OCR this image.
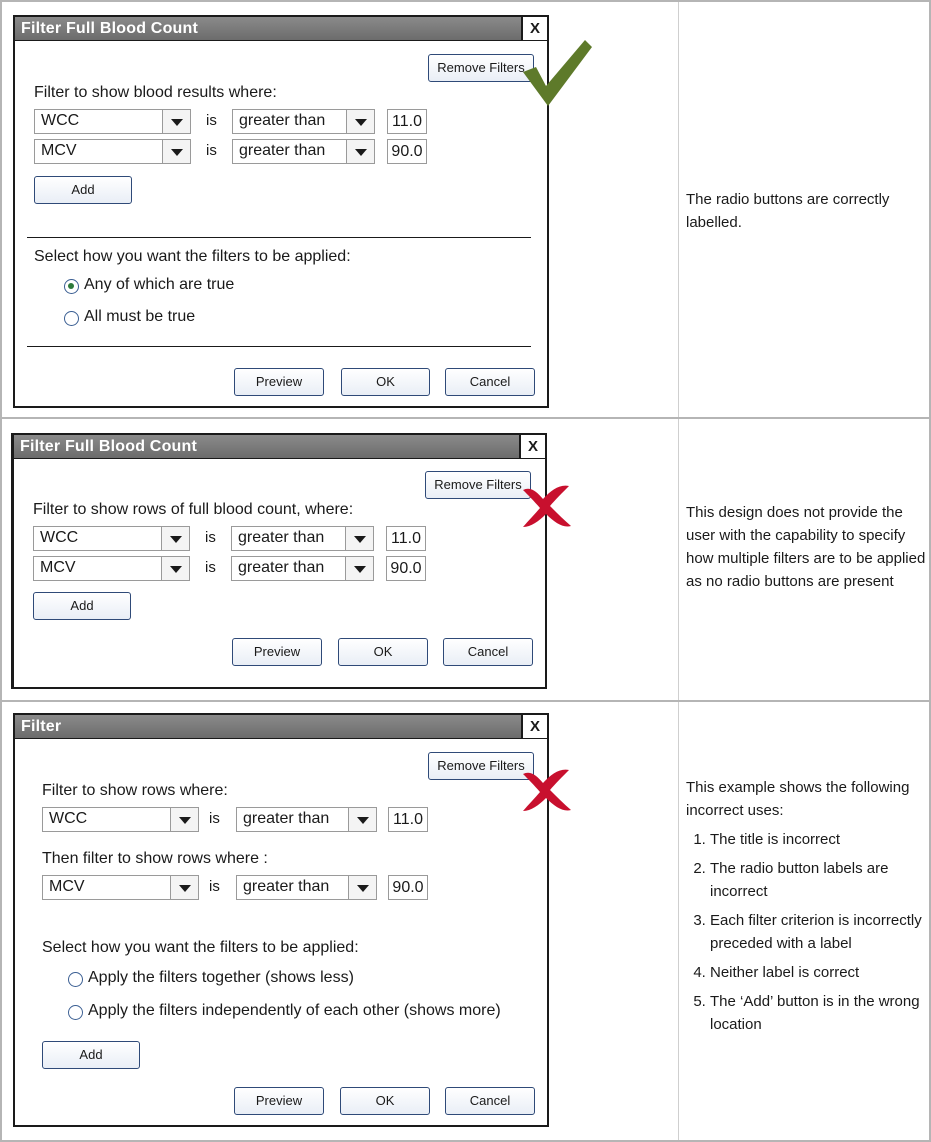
Filter Full Blood Count	X
Remove Filters
Filter to show blood results where:
WCC	is greater than	11.0
MCV	is greater than	90.0
Add
Select how you want the filters to be applied:
Any of which are true
All must be true
Preview	OK	Cancel

The radio buttons are correctly labelled.

Filter Full Blood Count	X
Remove Filters
Filter to show rows of full blood count, where:
WCC	is greater than	11.0
MCV	is greater than	90.0
Add
Preview	OK	Cancel

This design does not provide the user with the capability to specify how multiple filters are to be applied as no radio buttons are present

Filter	X
Remove Filters
Filter to show rows where:
WCC	is greater than	11.0
Then filter to show rows where :
MCV	is greater than	90.0
Select how you want the filters to be applied:
Apply the filters together (shows less)
Apply the filters independently of each other (shows more)
Add
Preview	OK	Cancel

This example shows the following incorrect uses:

1. The title is incorrect
2. The radio button labels are incorrect
3. Each filter criterion is incorrectly preceded with a label
4. Neither label is correct
5. The ‘Add’ button is in the wrong location
